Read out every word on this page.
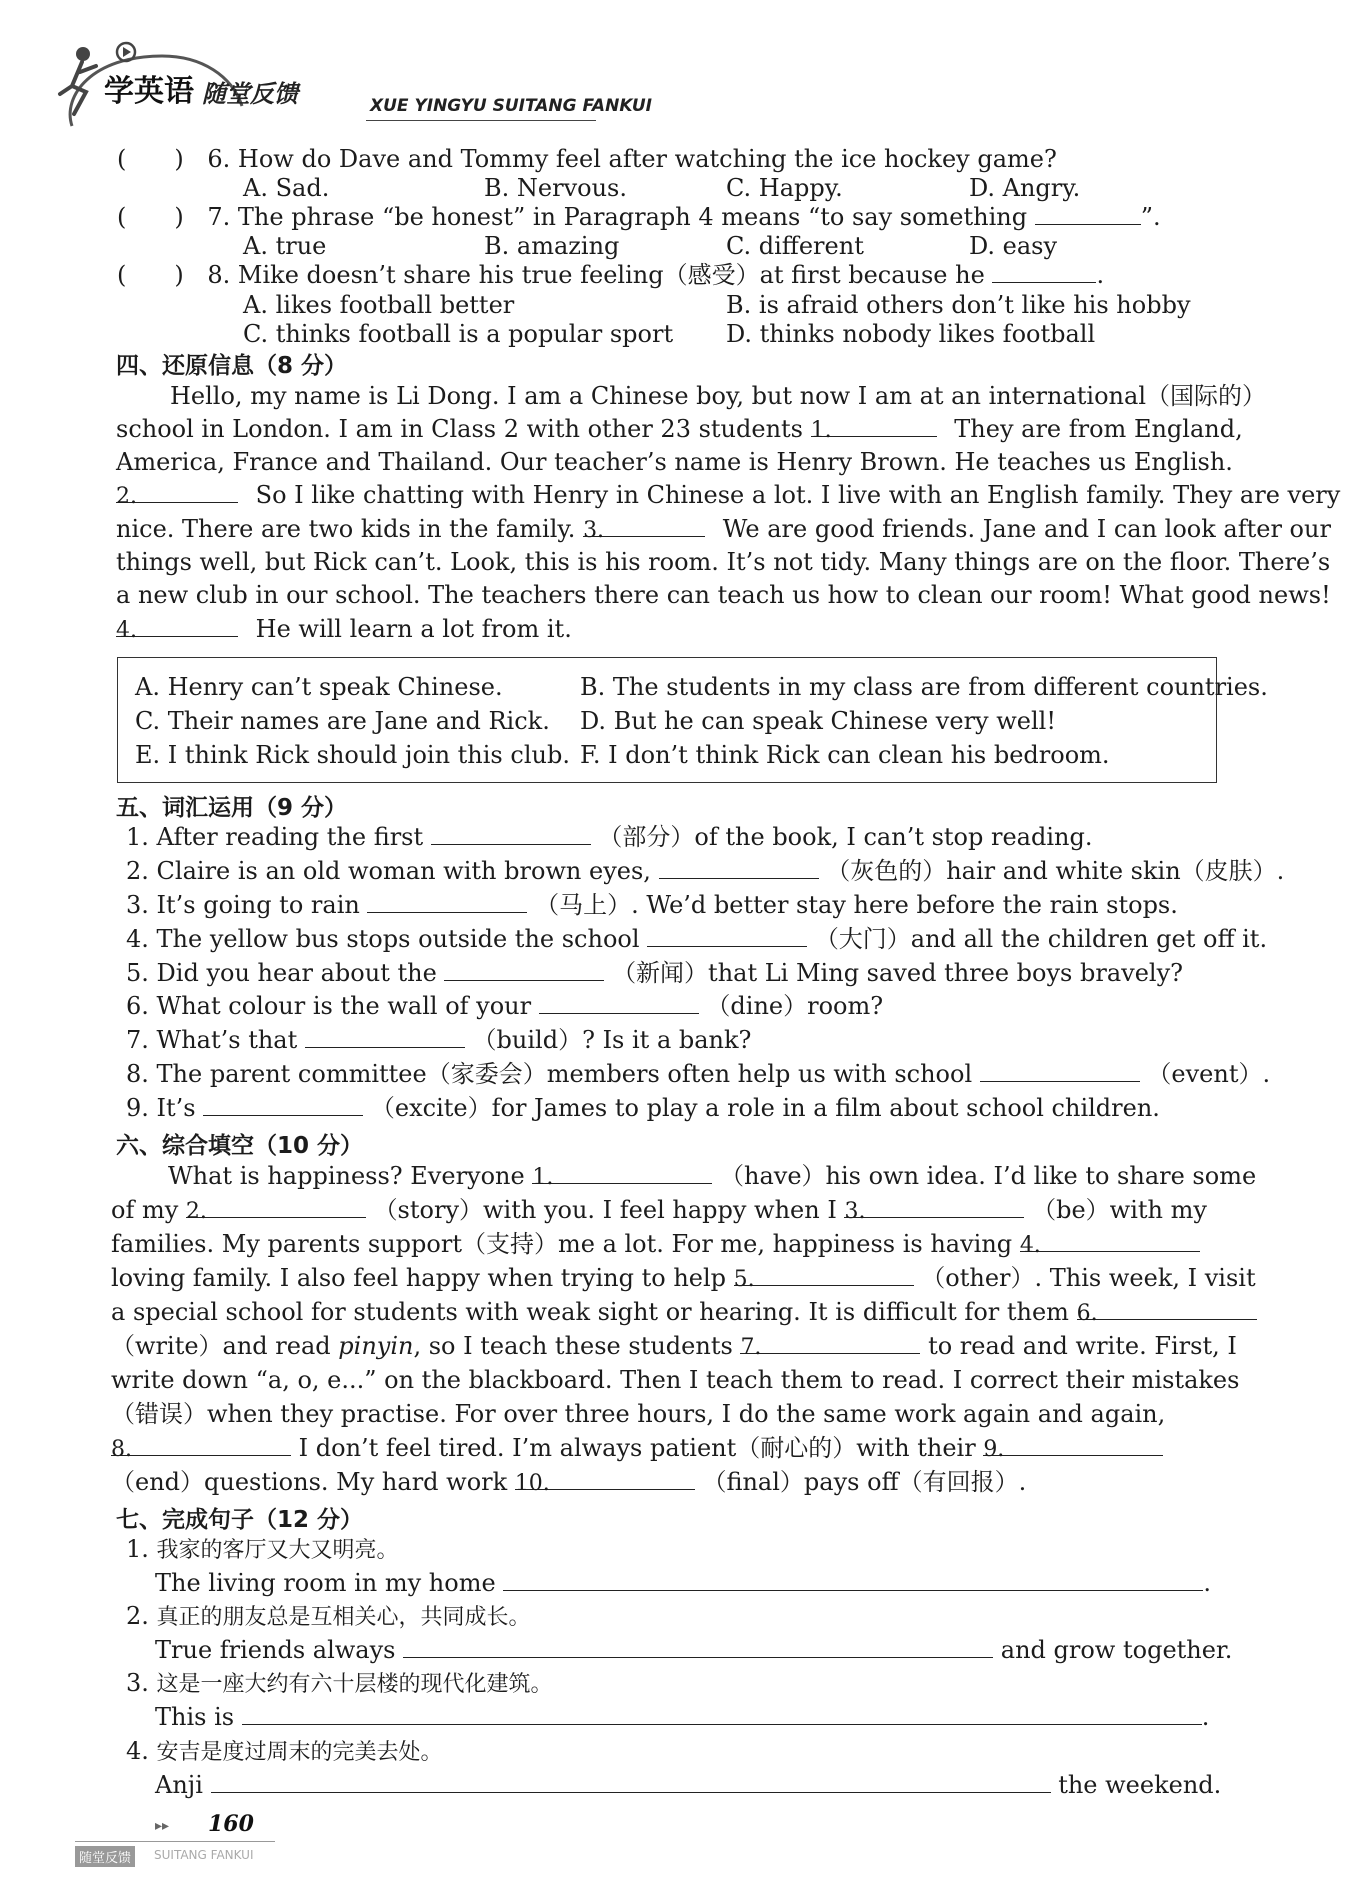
学英语 随堂反馈	XUE YINGYU SUITANG FANKUI
(　　) 6. How do Dave and Tommy feel after watching the ice hockey game?
A. Sad.	B. Nervous.	C. Happy.	D. Angry.
(　　) 7. The phrase “be honest” in Paragraph 4 means “to say something	”.
A. true	B. amazing	C. different	D. easy
(　　) 8. Mike doesn’t share his true feeling（感受）at first because he	.
A. likes football better	B. is afraid others don’t like his hobby
C. thinks football is a popular sport D. thinks nobody likes football
四、还原信息（8 分）
Hello, my name is Li Dong. I am a Chinese boy, but now I am at an international（国际的）
school in London. I am in Class 2 with other 23 students 1.	They are from England,
America, France and Thailand. Our teacher’s name is Henry Brown. He teaches us English.
2.	So I like chatting with Henry in Chinese a lot. I live with an English family. They are very
nice. There are two kids in the family. 3.	We are good friends. Jane and I can look after our
things well, but Rick can’t. Look, this is his room. It’s not tidy. Many things are on the floor. There’s
a new club in our school. The teachers there can teach us how to clean our room! What good news!
4.	He will learn a lot from it.
A. Henry can’t speak Chinese.	B. The students in my class are from different countries.
C. Their names are Jane and Rick. D. But he can speak Chinese very well!
E. I think Rick should join this club. F. I don’t think Rick can clean his bedroom.
五、词汇运用（9 分）
1. After reading the first	（部分）of the book, I can’t stop reading.
2. Claire is an old woman with brown eyes,	（灰色的）hair and white skin（皮肤）.
3. It’s going to rain	（马上）. We’d better stay here before the rain stops.
4. The yellow bus stops outside the school	（大门）and all the children get off it.
5. Did you hear about the	（新闻）that Li Ming saved three boys bravely?
6. What colour is the wall of your	（dine）room?
7. What’s that	（build）? Is it a bank?
8. The parent committee（家委会）members often help us with school	（event）.
9. It’s	（excite）for James to play a role in a film about school children.
六、综合填空（10 分）
What is happiness? Everyone 1.	（have）his own idea. I’d like to share some
of my 2.	（story）with you. I feel happy when I 3.	（be）with my
families. My parents support（支持）me a lot. For me, happiness is having 4.
loving family. I also feel happy when trying to help 5.	（other）. This week, I visit
a special school for students with weak sight or hearing. It is difficult for them 6.
（write）and read pinyin, so I teach these students 7.	to read and write. First, I
write down “a, o, e...” on the blackboard. Then I teach them to read. I correct their mistakes
（错误）when they practise. For over three hours, I do the same work again and again,
8.	I don’t feel tired. I’m always patient（耐心的）with their 9.
（end）questions. My hard work 10.	（final）pays off（有回报）.
七、完成句子（12 分）
1. 我家的客厅又大又明亮。
The living room in my home	.
2. 真正的朋友总是互相关心，共同成长。
True friends always	and grow together.
3. 这是一座大约有六十层楼的现代化建筑。
This is	.
4. 安吉是度过周末的完美去处。
Anji	the weekend.
▸▸ 160
随堂反馈	SUITANG FANKUI
